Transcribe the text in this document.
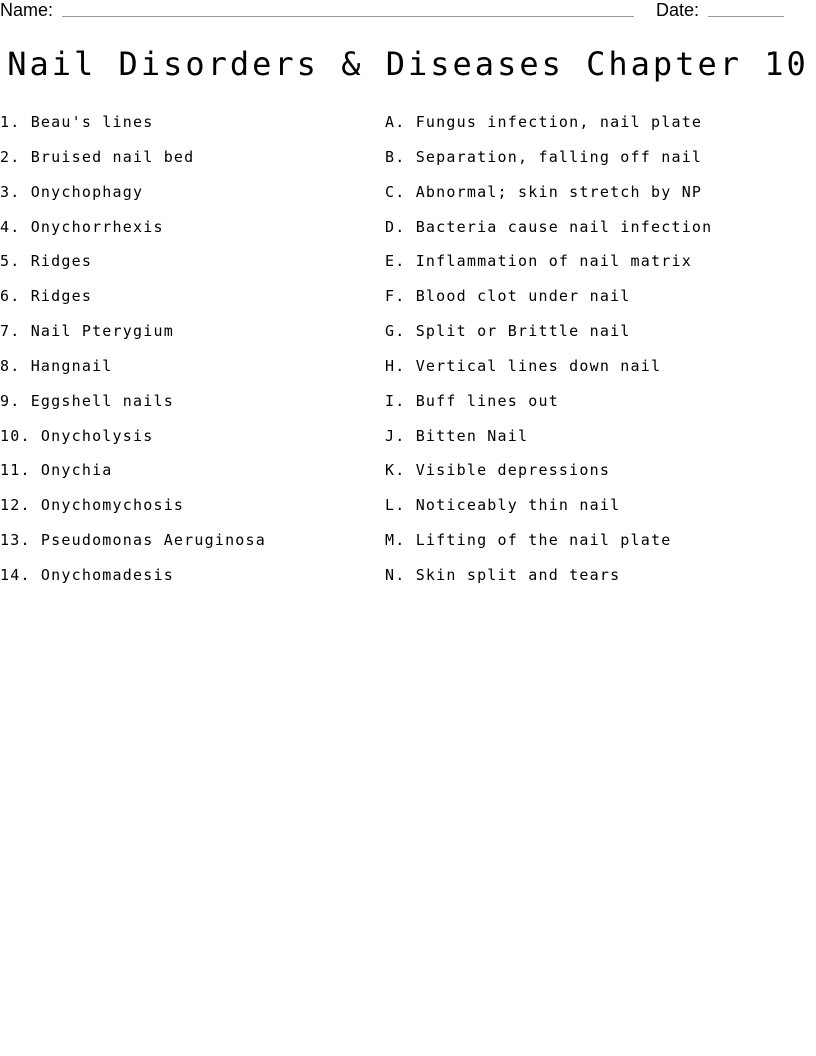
Name:	Date:
Nail Disorders & Diseases Chapter 10
1. Beau's lines
2. Bruised nail bed
3. Onychophagy
4. Onychorrhexis
5. Ridges
6. Ridges
7. Nail Pterygium
8. Hangnail
9. Eggshell nails
10. Onycholysis
11. Onychia
12. Onychomychosis
13. Pseudomonas Aeruginosa
14. Onychomadesis
A. Fungus infection, nail plate
B. Separation, falling off nail
C. Abnormal; skin stretch by NP
D. Bacteria cause nail infection
E. Inflammation of nail matrix
F. Blood clot under nail
G. Split or Brittle nail
H. Vertical lines down nail
I. Buff lines out
J. Bitten Nail
K. Visible depressions
L. Noticeably thin nail
M. Lifting of the nail plate
N. Skin split and tears
